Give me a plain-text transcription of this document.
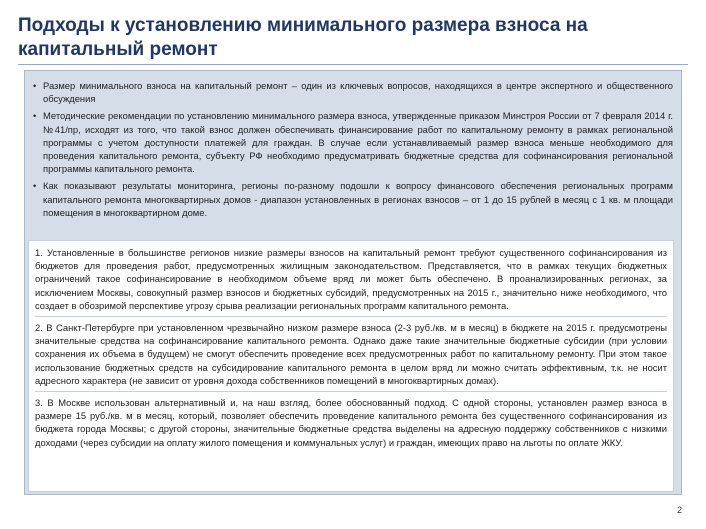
Подходы к установлению минимального размера взноса на капитальный ремонт
• Размер минимального взноса на капитальный ремонт – один из ключевых вопросов, находящихся в центре экспертного и общественного обсуждения
• Методические рекомендации по установлению минимального размера взноса, утвержденные приказом Минстроя России от 7 февраля 2014 г. №41/пр, исходят из того, что такой взнос должен обеспечивать финансирование работ по капитальному ремонту в рамках региональной программы с учетом доступности платежей для граждан. В случае если устанавливаемый размер взноса меньше необходимого для проведения капитального ремонта, субъекту РФ необходимо предусматривать бюджетные средства для софинансирования региональной программы капитального ремонта.
• Как показывают результаты мониторинга, регионы по-разному подошли к вопросу финансового обеспечения региональных программ капитального ремонта многоквартирных домов - диапазон установленных в регионах взносов – от 1 до 15 рублей в месяц с 1 кв. м площади помещения в многоквартирном доме.

1. Установленные в большинстве регионов низкие размеры взносов на капитальный ремонт требуют существенного софинансирования из бюджетов для проведения работ, предусмотренных жилищным законодательством. Представляется, что в рамках текущих бюджетных ограничений такое софинансирование в необходимом объеме вряд ли может быть обеспечено. В проанализированных регионах, за исключением Москвы, совокупный размер взносов и бюджетных субсидий, предусмотренных на 2015 г., значительно ниже необходимого, что создает в обозримой перспективе угрозу срыва реализации региональных программ капитального ремонта.

2. В Санкт-Петербурге при установленном чрезвычайно низком размере взноса (2-3 руб./кв. м в месяц) в бюджете на 2015 г. предусмотрены значительные средства на софинансирование капитального ремонта. Однако даже такие значительные бюджетные субсидии (при условии сохранения их объема в будущем) не смогут обеспечить проведение всех предусмотренных работ по капитальному ремонту. При этом такое использование бюджетных средств на субсидирование капитального ремонта в целом вряд ли можно считать эффективным, т.к. не носит адресного характера (не зависит от уровня дохода собственников помещений в многоквартирных домах).

3. В Москве использован альтернативный и, на наш взгляд, более обоснованный подход. С одной стороны, установлен размер взноса в размере 15 руб./кв. м в месяц, который, позволяет обеспечить проведение капитального ремонта без существенного софинансирования из бюджета города Москвы; с другой стороны, значительные бюджетные средства выделены на адресную поддержку собственников с низкими доходами (через субсидии на оплату жилого помещения и коммунальных услуг) и граждан, имеющих право на льготы по оплате ЖКУ.

2
